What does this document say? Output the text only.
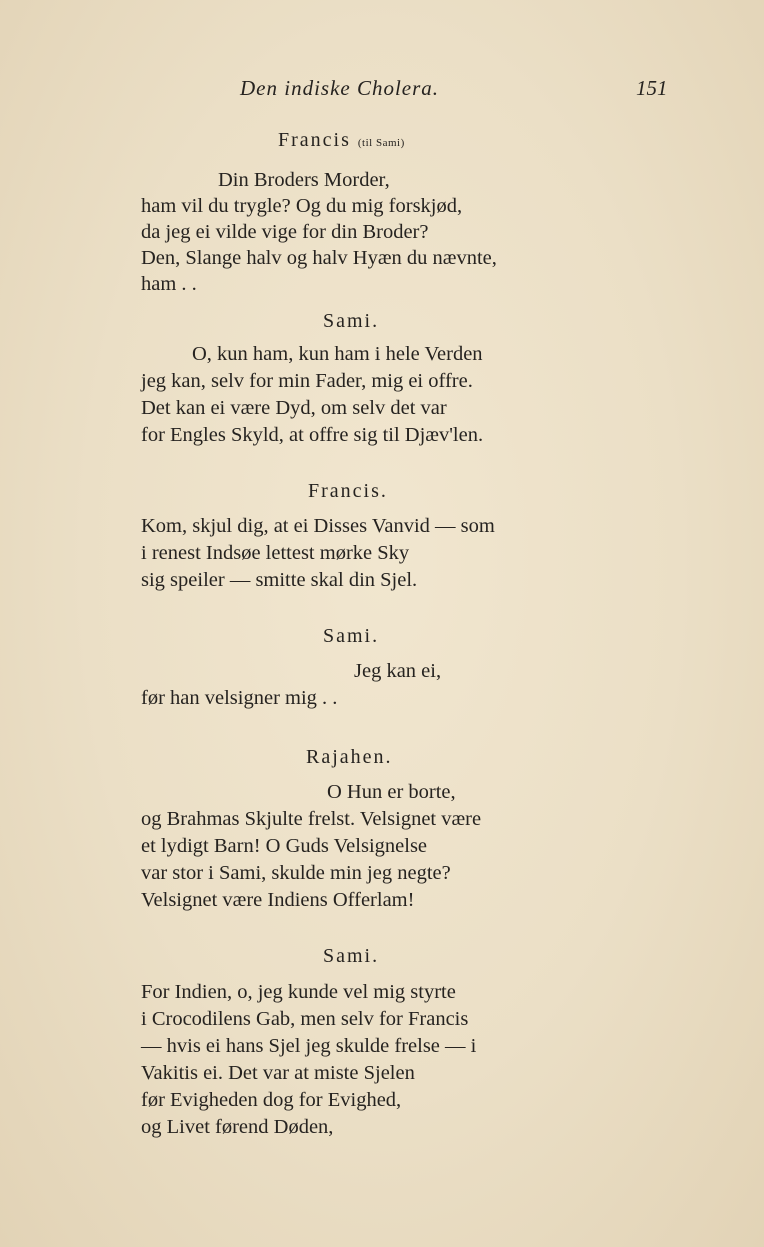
Den indiske Cholera.	151
Francis (til Sami)
Din Broders Morder,
ham vil du trygle? Og du mig forskjød,
da jeg ei vilde vige for din Broder?
Den, Slange halv og halv Hyæn du nævnte,
ham . .
Sami.
O, kun ham, kun ham i hele Verden
jeg kan, selv for min Fader, mig ei offre.
Det kan ei være Dyd, om selv det var
for Engles Skyld, at offre sig til Djæv'len.
Francis.
Kom, skjul dig, at ei Disses Vanvid — som
i renest Indsøe lettest mørke Sky
sig speiler — smitte skal din Sjel.
Sami.
Jeg kan ei,
før han velsigner mig . .
Rajahen.
O Hun er borte,
og Brahmas Skjulte frelst. Velsignet være
et lydigt Barn! O Guds Velsignelse
var stor i Sami, skulde min jeg negte?
Velsignet være Indiens Offerlam!
Sami.
For Indien, o, jeg kunde vel mig styrte
i Crocodilens Gab, men selv for Francis
— hvis ei hans Sjel jeg skulde frelse — i
Vakitis ei. Det var at miste Sjelen
før Evigheden dog for Evighed,
og Livet førend Døden,
